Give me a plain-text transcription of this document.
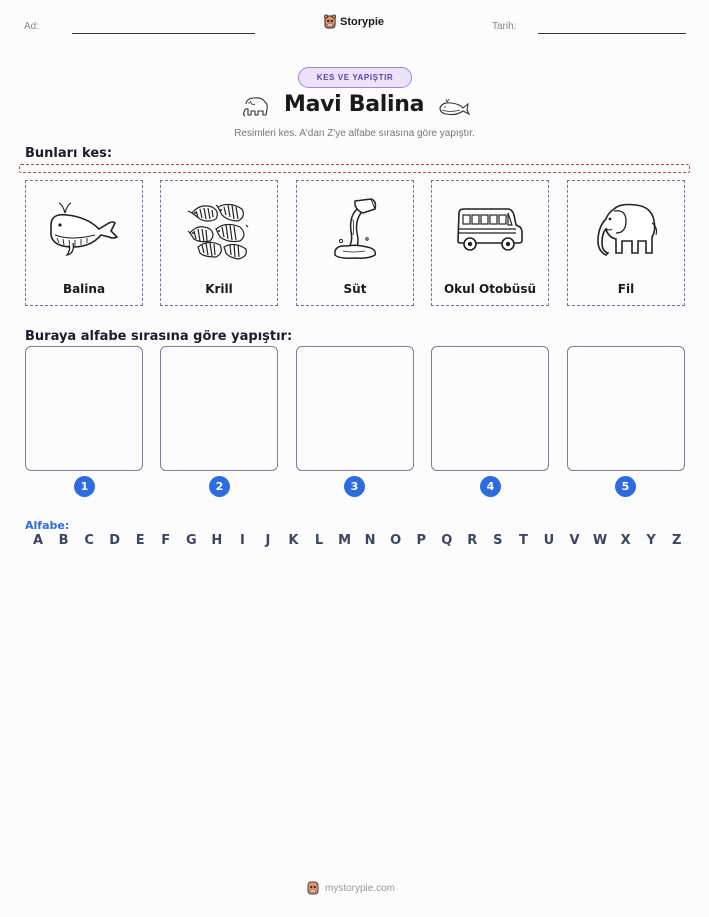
Ad:	Storypie	Tarih:
KES VE YAPIŞTIR
Mavi Balina
Resimleri kes. A'dan Z'ye alfabe sırasına göre yapıştır.
Bunları kes:
Balina	Krill	Süt	Okul Otobüsü	Fil
Buraya alfabe sırasına göre yapıştır:
1	2	3	4	5
Alfabe:
A B C D E F G H	I	J	K L M N O P Q R S T U V W X Y Z
mystorypie.com
